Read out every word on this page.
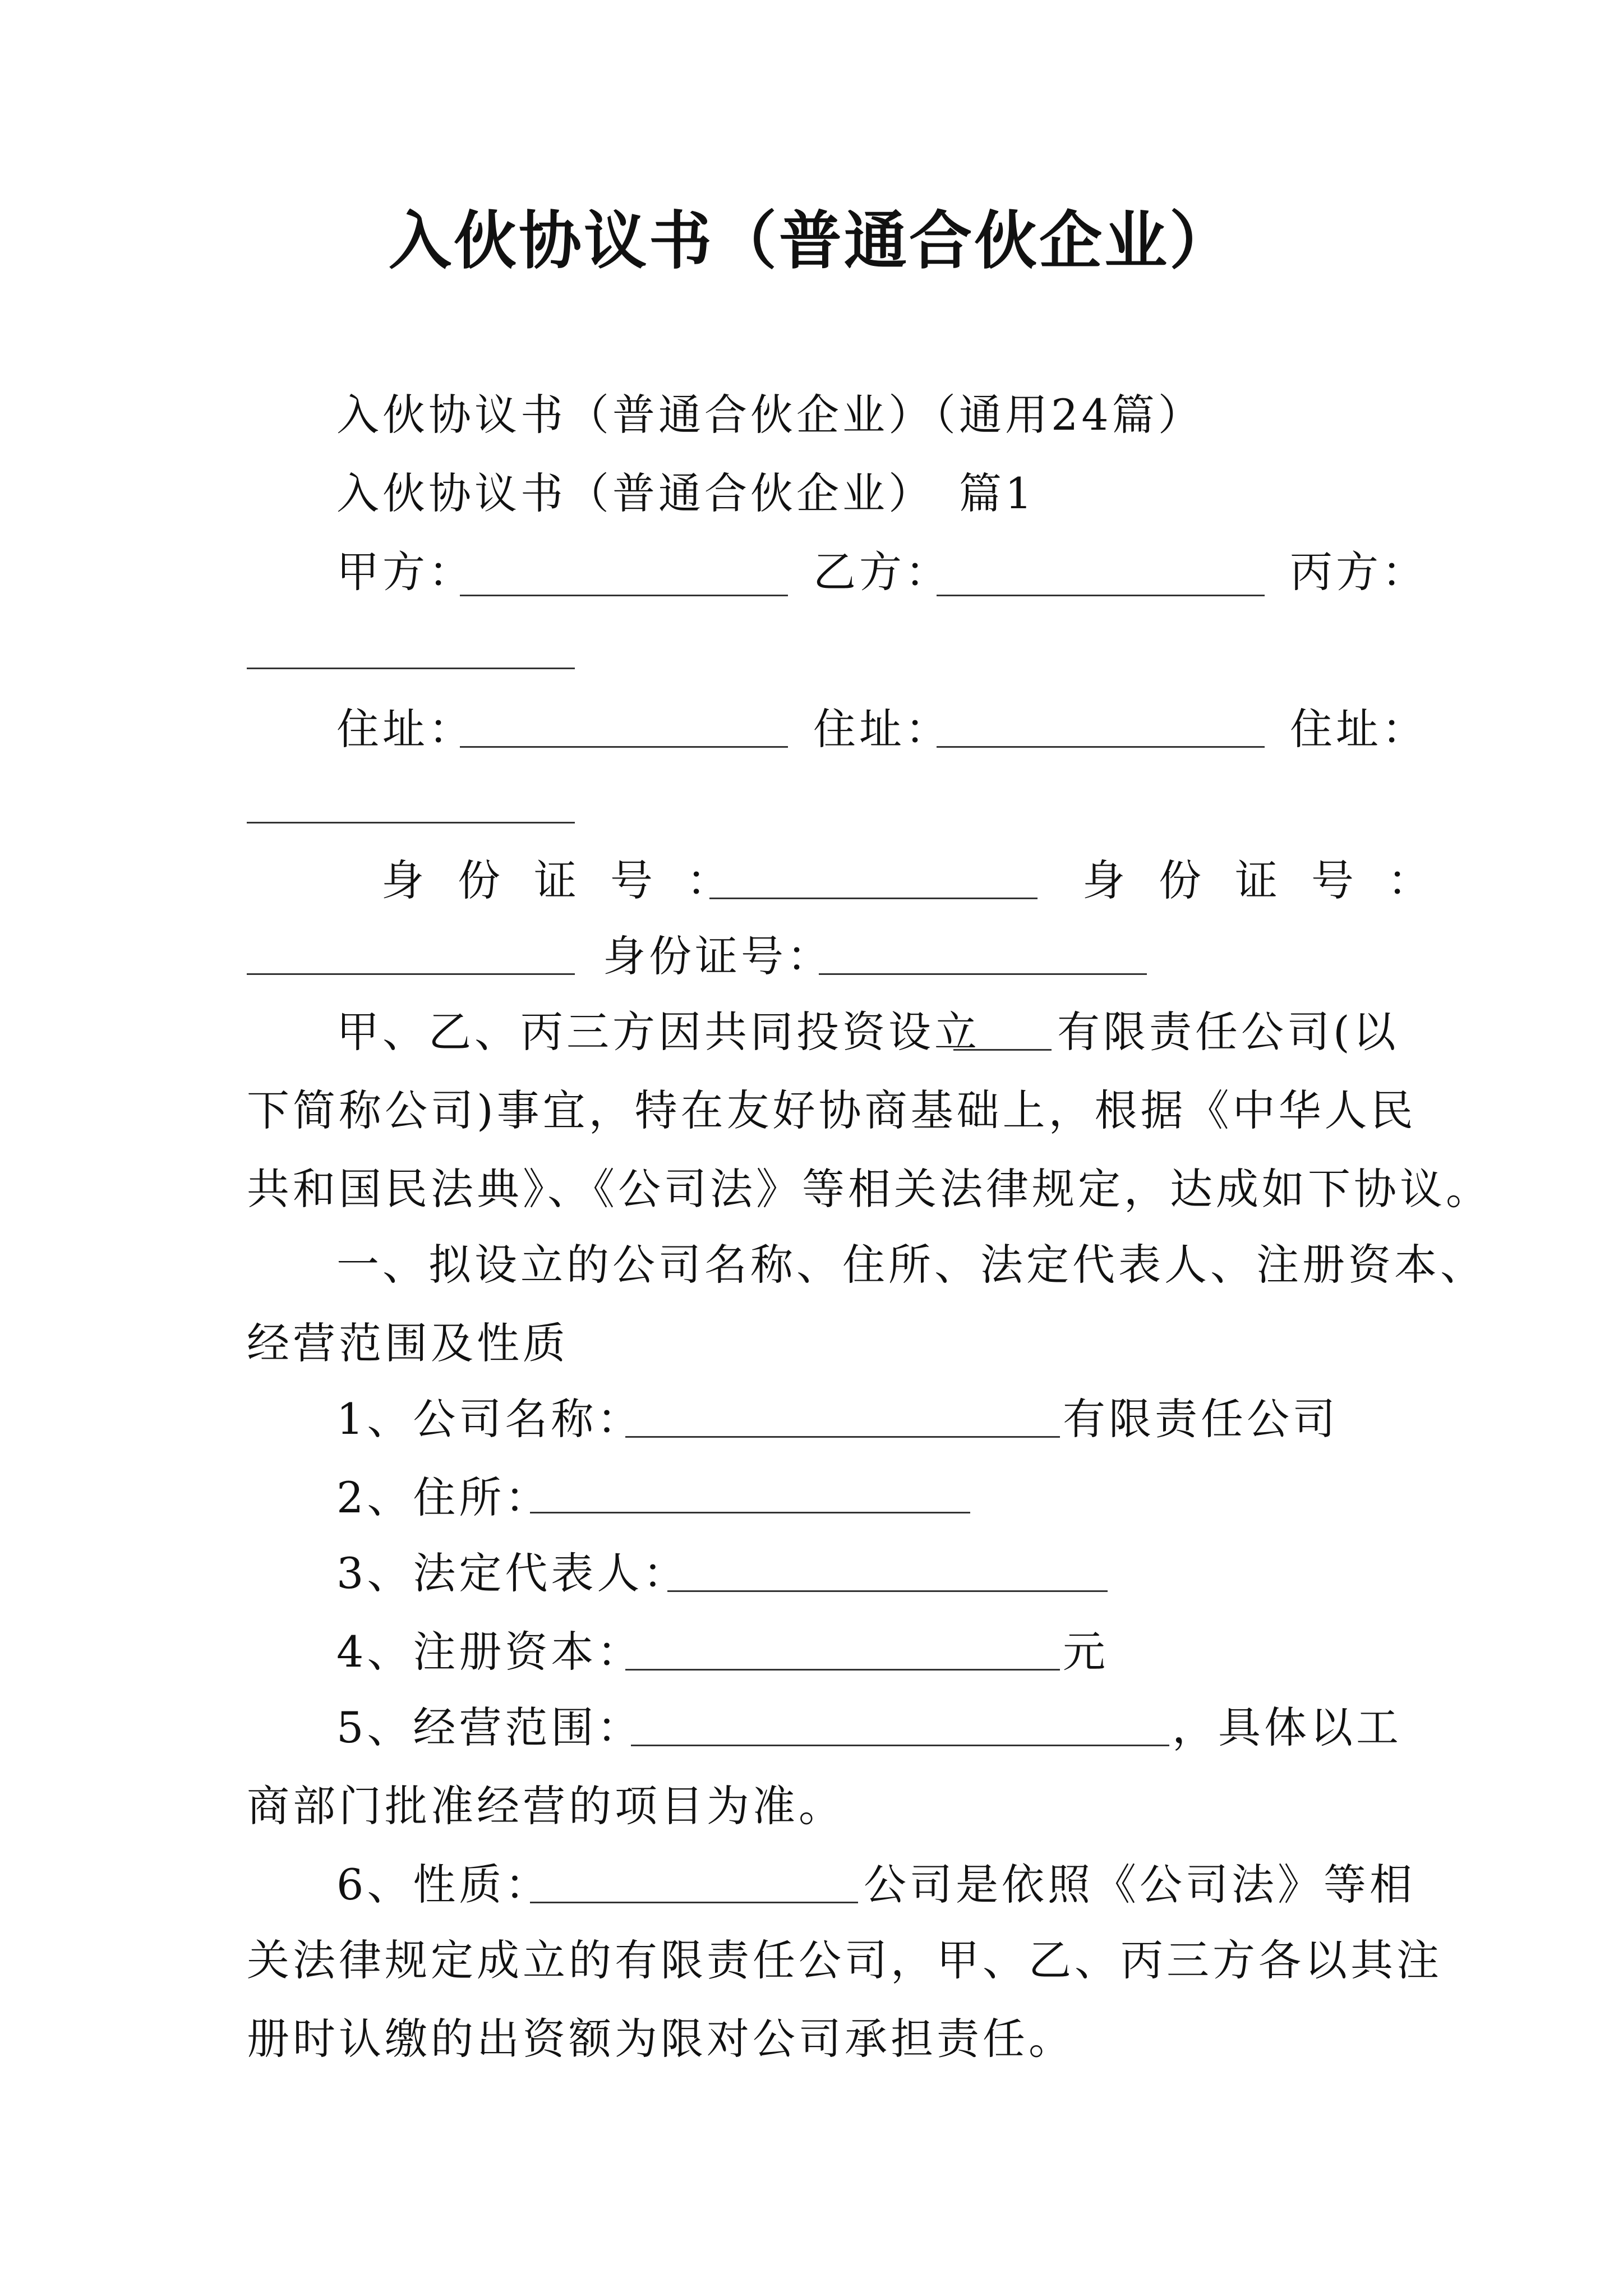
入伙协议书（普通合伙企业）
入伙协议书（普通合伙企业）（通用24篇）
入伙协议书（普通合伙企业）　篇1
甲方：	乙方：	丙方：
住址：	住址：	住址：
身份证号：	身份证号：
身份证号：
甲、乙、丙三方因共同投资设立 有限责任公司(以
下简称公司)事宜，特在友好协商基础上，根据《中华人民
共和国民法典》、《公司法》等相关法律规定，达成如下协议。
一、拟设立的公司名称、住所、法定代表人、注册资本、
经营范围及性质
1、公司名称：	有限责任公司
2、住所：
3、法定代表人：
4、注册资本：	元
5、经营范围：	，具体以工
商部门批准经营的项目为准。
6、性质：	公司是依照《公司法》等相
关法律规定成立的有限责任公司，甲、乙、丙三方各以其注
册时认缴的出资额为限对公司承担责任。
